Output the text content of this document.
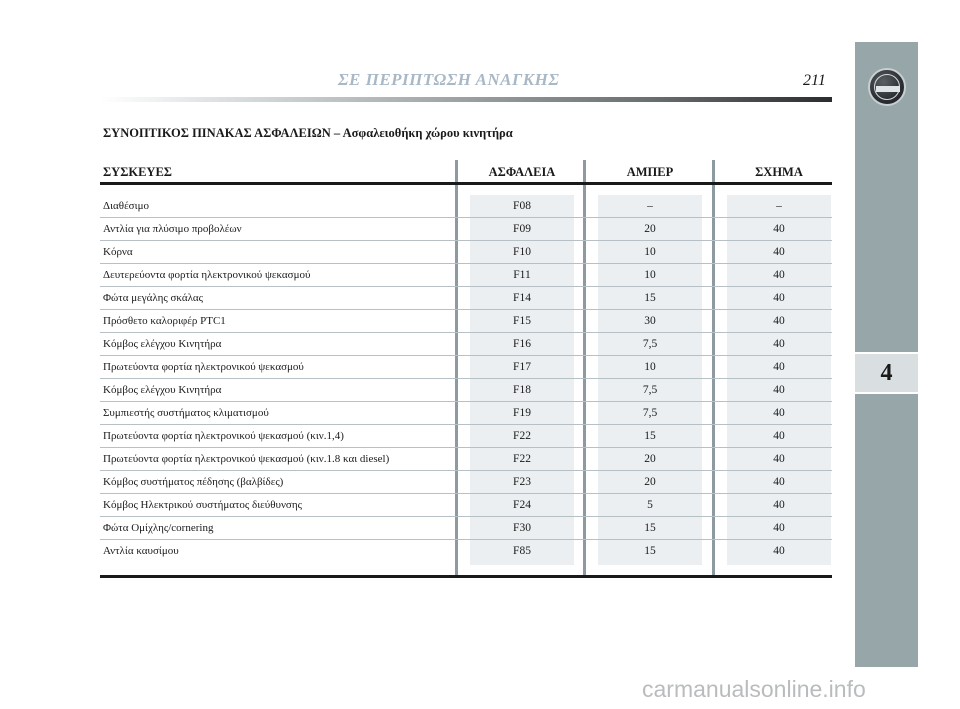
ΣΕ ΠΕΡΙΠΤΩΣΗ ΑΝΑΓΚΗΣ	211
4
ΣΥΝΟΠΤΙΚΟΣ ΠΙΝΑΚΑΣ ΑΣΦΑΛΕΙΩΝ – Ασφαλειοθήκη χώρου κινητήρα
ΣΥΣΚΕΥΕΣ	ΑΣΦΑΛΕΙΑ	ΑΜΠΕΡ	ΣΧΗΜΑ
Διαθέσιμο	F08	–	–
Αντλία για πλύσιμο προβολέων	F09	20	40
Κόρνα	F10	10	40
Δευτερεύοντα φορτία ηλεκτρονικού ψεκασμού	F11	10	40
Φώτα μεγάλης σκάλας	F14	15	40
Πρόσθετο καλοριφέρ PTC1	F15	30	40
Κόμβος ελέγχου Κινητήρα	F16	7,5	40
Πρωτεύοντα φορτία ηλεκτρονικού ψεκασμού	F17	10	40
Κόμβος ελέγχου Κινητήρα	F18	7,5	40
Συμπιεστής συστήματος κλιματισμού	F19	7,5	40
Πρωτεύοντα φορτία ηλεκτρονικού ψεκασμού (κιν.1,4)	F22	15	40
Πρωτεύοντα φορτία ηλεκτρονικού ψεκασμού (κιν.1.8 και diesel)	F22	20	40
Κόμβος συστήματος πέδησης (βαλβίδες)	F23	20	40
Κόμβος Ηλεκτρικού συστήματος διεύθυνσης	F24	5	40
Φώτα Ομίχλης/cornering	F30	15	40
Αντλία καυσίμου	F85	15	40
carmanualsonline.info
